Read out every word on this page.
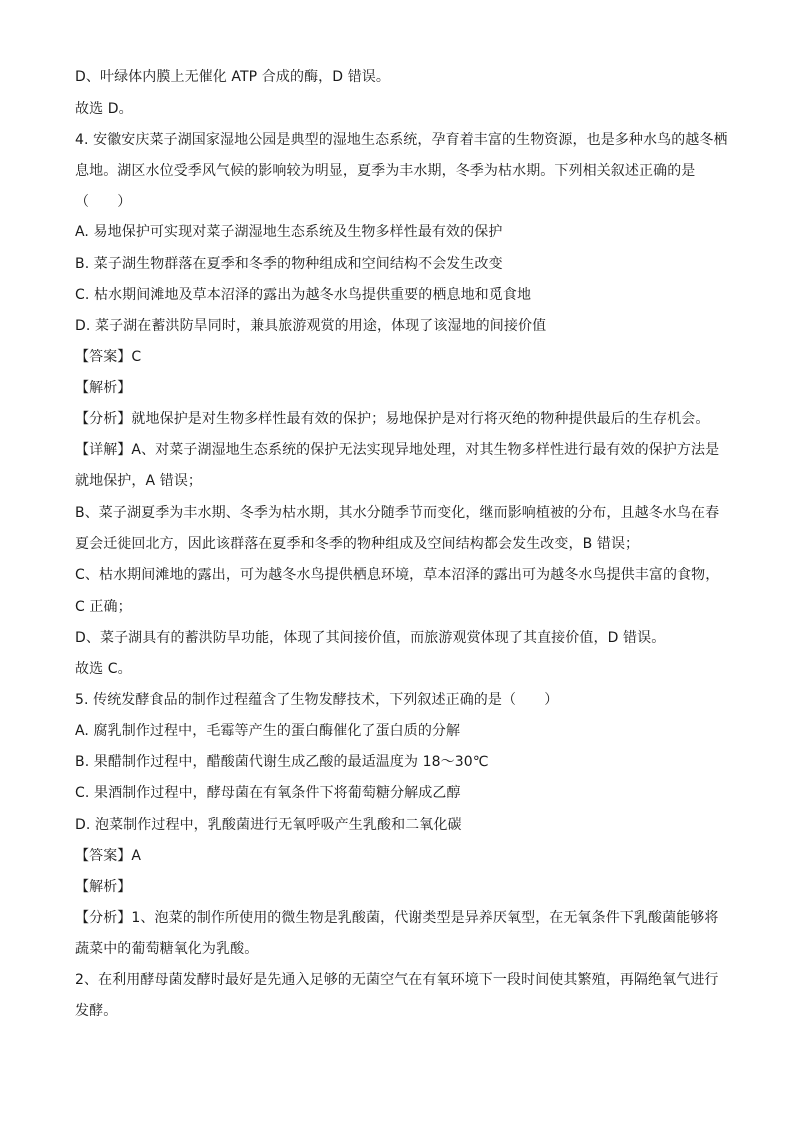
D、叶绿体内膜上无催化 ATP 合成的酶，D 错误。
故选 D。
4. 安徽安庆菜子湖国家湿地公园是典型的湿地生态系统，孕育着丰富的生物资源，也是多种水鸟的越冬栖
息地。湖区水位受季风气候的影响较为明显，夏季为丰水期，冬季为枯水期。下列相关叙述正确的是
（　　）
A. 易地保护可实现对菜子湖湿地生态系统及生物多样性最有效的保护
B. 菜子湖生物群落在夏季和冬季的物种组成和空间结构不会发生改变
C. 枯水期间滩地及草本沼泽的露出为越冬水鸟提供重要的栖息地和觅食地
D. 菜子湖在蓄洪防旱同时，兼具旅游观赏的用途，体现了该湿地的间接价值
【答案】C
【解析】
【分析】就地保护是对生物多样性最有效的保护；易地保护是对行将灭绝的物种提供最后的生存机会。
【详解】A、对菜子湖湿地生态系统的保护无法实现异地处理，对其生物多样性进行最有效的保护方法是
就地保护，A 错误；
B、菜子湖夏季为丰水期、冬季为枯水期，其水分随季节而变化，继而影响植被的分布，且越冬水鸟在春
夏会迁徙回北方，因此该群落在夏季和冬季的物种组成及空间结构都会发生改变，B 错误；
C、枯水期间滩地的露出，可为越冬水鸟提供栖息环境，草本沼泽的露出可为越冬水鸟提供丰富的食物，
C 正确；
D、菜子湖具有的蓄洪防旱功能，体现了其间接价值，而旅游观赏体现了其直接价值，D 错误。
故选 C。
5. 传统发酵食品的制作过程蕴含了生物发酵技术，下列叙述正确的是（　　）
A. 腐乳制作过程中，毛霉等产生的蛋白酶催化了蛋白质的分解
B. 果醋制作过程中，醋酸菌代谢生成乙酸的最适温度为 18～30℃
C. 果酒制作过程中，酵母菌在有氧条件下将葡萄糖分解成乙醇
D. 泡菜制作过程中，乳酸菌进行无氧呼吸产生乳酸和二氧化碳
【答案】A
【解析】
【分析】1、泡菜的制作所使用的微生物是乳酸菌，代谢类型是异养厌氧型，在无氧条件下乳酸菌能够将
蔬菜中的葡萄糖氧化为乳酸。
2、在利用酵母菌发酵时最好是先通入足够的无菌空气在有氧环境下一段时间使其繁殖，再隔绝氧气进行
发酵。
